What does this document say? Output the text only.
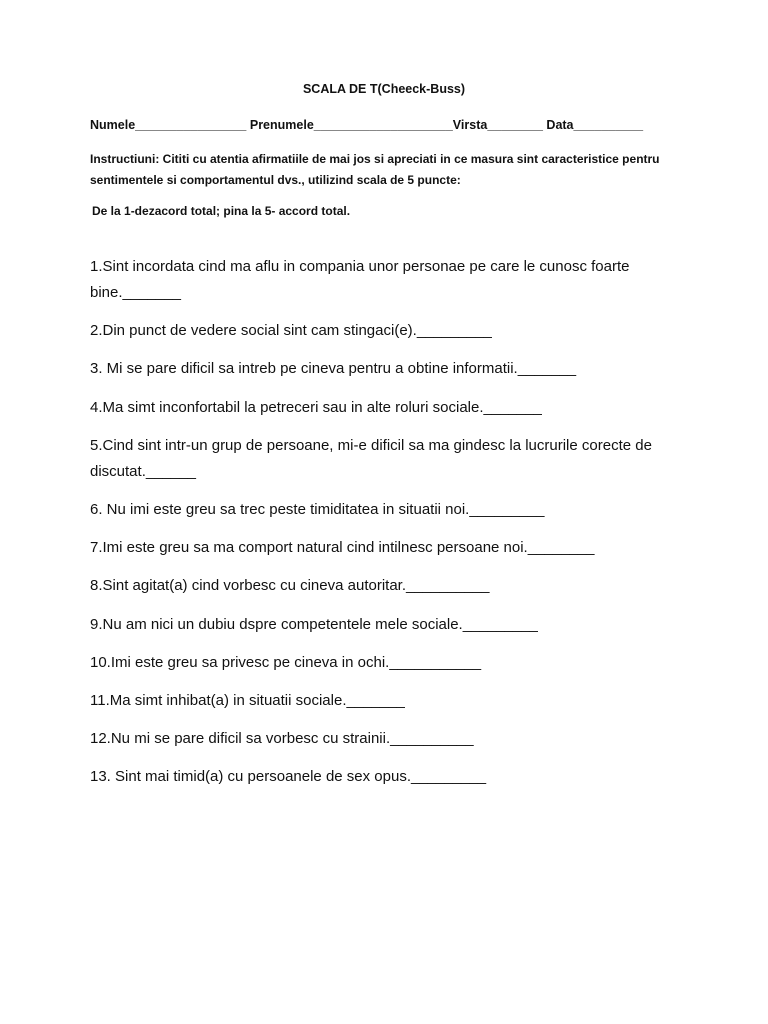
SCALA DE T(Cheeck-Buss)
Numele________________ Prenumele____________________Virsta________ Data__________
Instructiuni: Cititi cu atentia afirmatiile de mai jos si apreciati in ce masura sint caracteristice pentru sentimentele si comportamentul dvs., utilizind scala de 5 puncte:
De la 1-dezacord total; pina la 5- accord total.
1.Sint incordata cind ma aflu in compania unor personae pe care le cunosc foarte bine._______
2.Din punct de vedere social sint cam stingaci(e)._________
3. Mi se pare dificil sa intreb pe cineva pentru a obtine informatii._______
4.Ma simt inconfortabil la petreceri sau in alte roluri sociale._______
5.Cind sint intr-un grup de persoane, mi-e dificil sa ma gindesc la lucrurile corecte de discutat.______
6. Nu imi este greu sa trec peste timiditatea in situatii noi._________
7.Imi este greu sa ma comport natural cind intilnesc persoane noi.________
8.Sint agitat(a) cind vorbesc cu cineva autoritar.__________
9.Nu am nici un dubiu dspre competentele mele sociale._________
10.Imi este greu sa privesc pe cineva in ochi.___________
11.Ma simt inhibat(a) in situatii sociale._______
12.Nu mi se pare dificil sa vorbesc cu strainii.__________
13. Sint mai timid(a) cu persoanele de sex opus._________
